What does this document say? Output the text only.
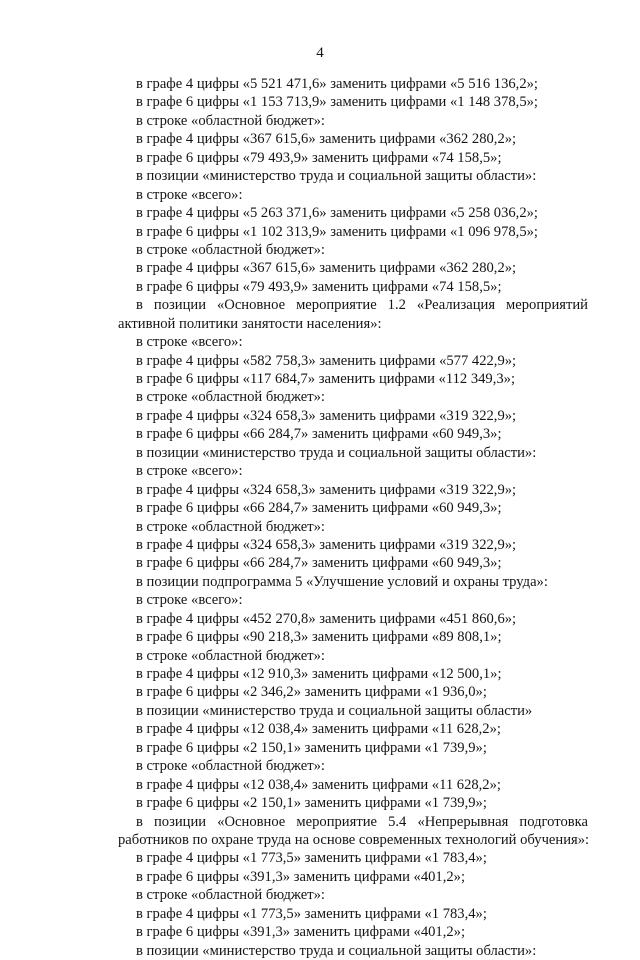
4
в графе 4 цифры «5 521 471,6» заменить цифрами «5 516 136,2»;
в графе 6 цифры «1 153 713,9» заменить цифрами «1 148 378,5»;
в строке «областной бюджет»:
в графе 4 цифры «367 615,6» заменить цифрами «362 280,2»;
в графе 6 цифры «79 493,9» заменить цифрами «74 158,5»;
в позиции «министерство труда и социальной защиты области»:
в строке «всего»:
в графе 4 цифры «5 263 371,6» заменить цифрами «5 258 036,2»;
в графе 6 цифры «1 102 313,9» заменить цифрами «1 096 978,5»;
в строке «областной бюджет»:
в графе 4 цифры «367 615,6» заменить цифрами «362 280,2»;
в графе 6 цифры «79 493,9» заменить цифрами «74 158,5»;
в позиции «Основное мероприятие 1.2 «Реализация мероприятий
активной политики занятости населения»:
в строке «всего»:
в графе 4 цифры «582 758,3» заменить цифрами «577 422,9»;
в графе 6 цифры «117 684,7» заменить цифрами «112 349,3»;
в строке «областной бюджет»:
в графе 4 цифры «324 658,3» заменить цифрами «319 322,9»;
в графе 6 цифры «66 284,7» заменить цифрами «60 949,3»;
в позиции «министерство труда и социальной защиты области»:
в строке «всего»:
в графе 4 цифры «324 658,3» заменить цифрами «319 322,9»;
в графе 6 цифры «66 284,7» заменить цифрами «60 949,3»;
в строке «областной бюджет»:
в графе 4 цифры «324 658,3» заменить цифрами «319 322,9»;
в графе 6 цифры «66 284,7» заменить цифрами «60 949,3»;
в позиции подпрограмма 5 «Улучшение условий и охраны труда»:
в строке «всего»:
в графе 4 цифры «452 270,8» заменить цифрами «451 860,6»;
в графе 6 цифры «90 218,3» заменить цифрами «89 808,1»;
в строке «областной бюджет»:
в графе 4 цифры «12 910,3» заменить цифрами «12 500,1»;
в графе 6 цифры «2 346,2» заменить цифрами «1 936,0»;
в позиции «министерство труда и социальной защиты области»
в графе 4 цифры «12 038,4» заменить цифрами «11 628,2»;
в графе 6 цифры «2 150,1» заменить цифрами «1 739,9»;
в строке «областной бюджет»:
в графе 4 цифры «12 038,4» заменить цифрами «11 628,2»;
в графе 6 цифры «2 150,1» заменить цифрами «1 739,9»;
в позиции «Основное мероприятие 5.4 «Непрерывная подготовка
работников по охране труда на основе современных технологий обучения»:
в графе 4 цифры «1 773,5» заменить цифрами «1 783,4»;
в графе 6 цифры «391,3» заменить цифрами «401,2»;
в строке «областной бюджет»:
в графе 4 цифры «1 773,5» заменить цифрами «1 783,4»;
в графе 6 цифры «391,3» заменить цифрами «401,2»;
в позиции «министерство труда и социальной защиты области»:
